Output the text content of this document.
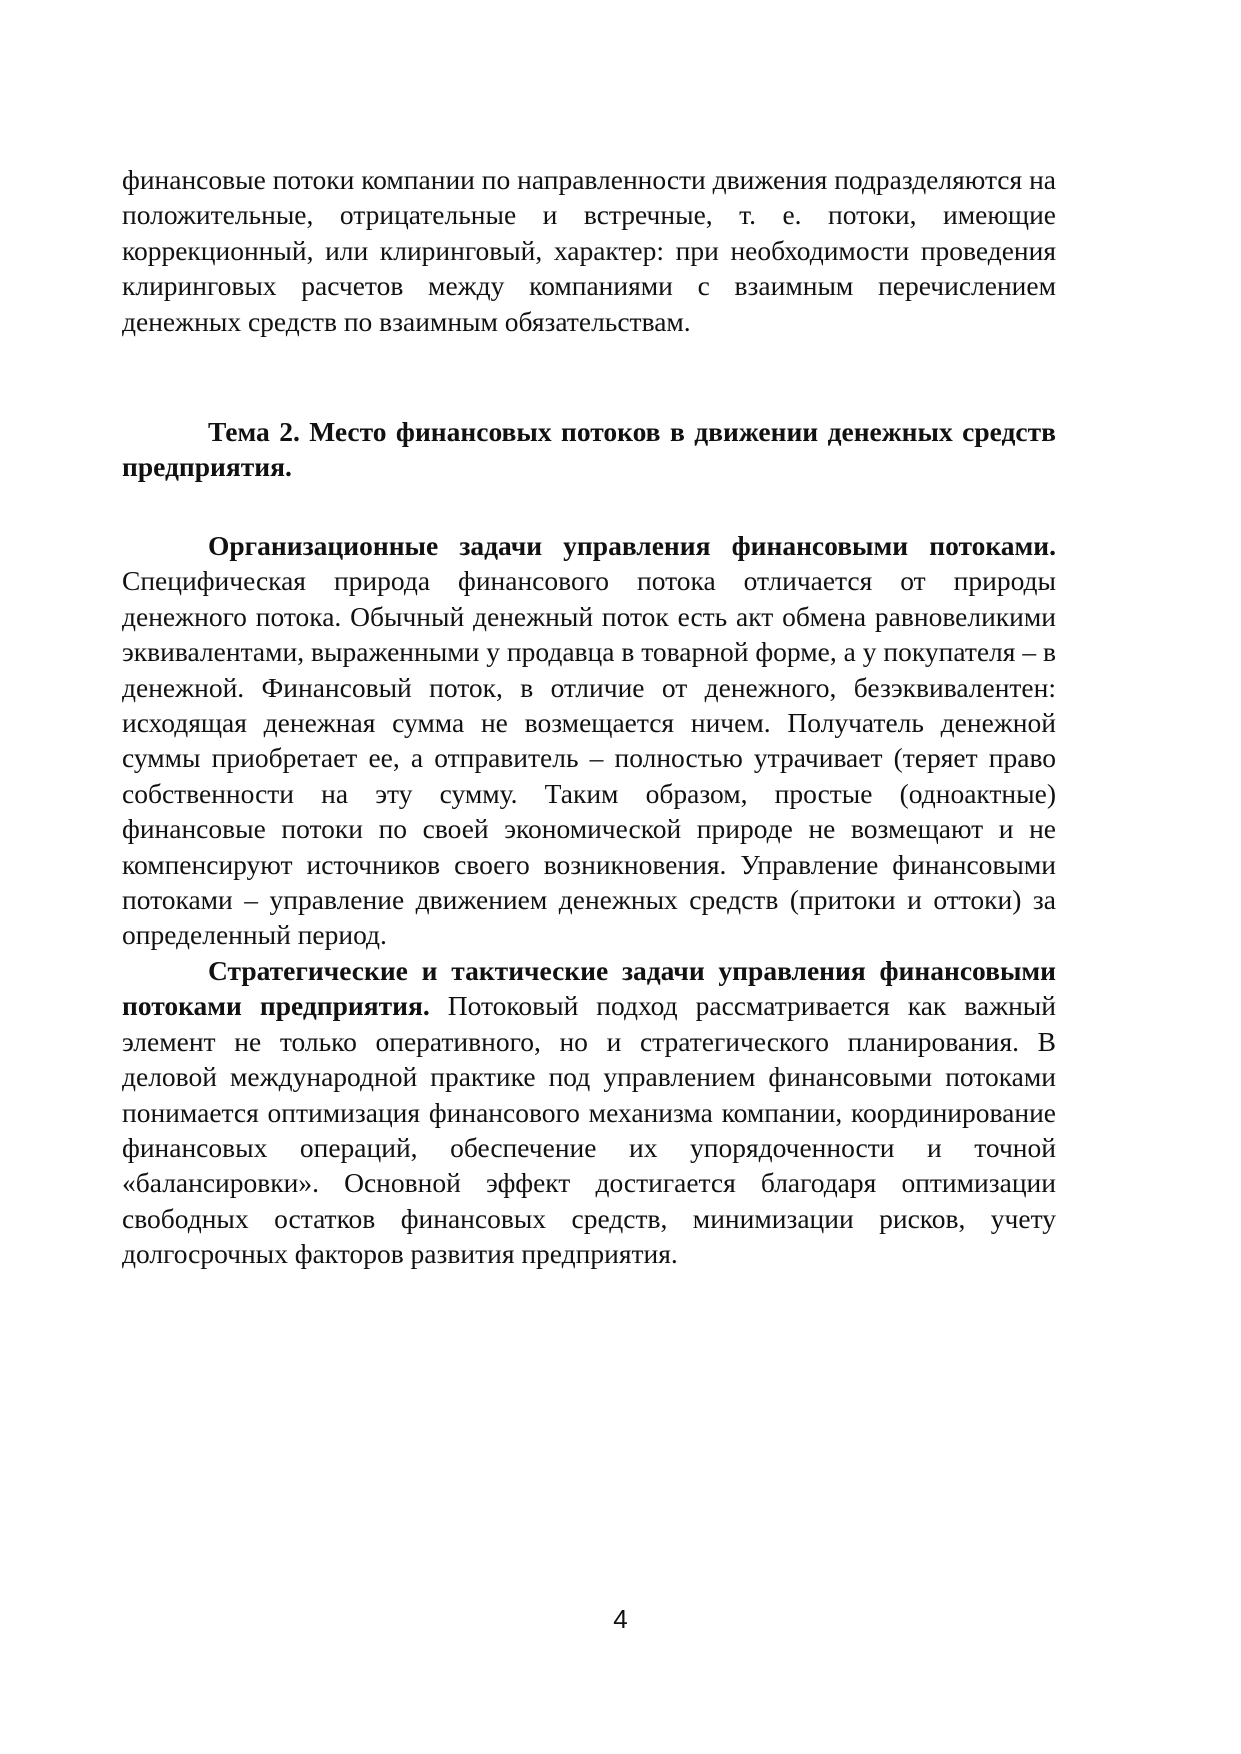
финансовые потоки компании по направленности движения подразделяются на положительные, отрицательные и встречные, т. е. потоки, имеющие коррекционный, или клиринговый, характер: при необходимости проведения клиринговых расчетов между компаниями с взаимным перечислением денежных средств по взаимным обязательствам.

Тема 2. Место финансовых потоков в движении денежных средств предприятия.

Организационные задачи управления финансовыми потоками. Специфическая природа финансового потока отличается от природы денежного потока. Обычный денежный поток есть акт обмена равновеликими эквивалентами, выраженными у продавца в товарной форме, а у покупателя – в денежной. Финансовый поток, в отличие от денежного, безэквивалентен: исходящая денежная сумма не возмещается ничем. Получатель денежной суммы приобретает ее, а отправитель – полностью утрачивает (теряет право собственности на эту сумму. Таким образом, простые (одноактные) финансовые потоки по своей экономической природе не возмещают и не компенсируют источников своего возникновения. Управление финансовыми потоками – управление движением денежных средств (притоки и оттоки) за определенный период.

Стратегические и тактические задачи управления финансовыми потоками предприятия. Потоковый подход рассматривается как важный элемент не только оперативного, но и стратегического планирования. В деловой международной практике под управлением финансовыми потоками понимается оптимизация финансового механизма компании, координирование финансовых операций, обеспечение их упорядоченности и точной «балансировки». Основной эффект достигается благодаря оптимизации свободных остатков финансовых средств, минимизации рисков, учету долгосрочных факторов развития предприятия.

4
